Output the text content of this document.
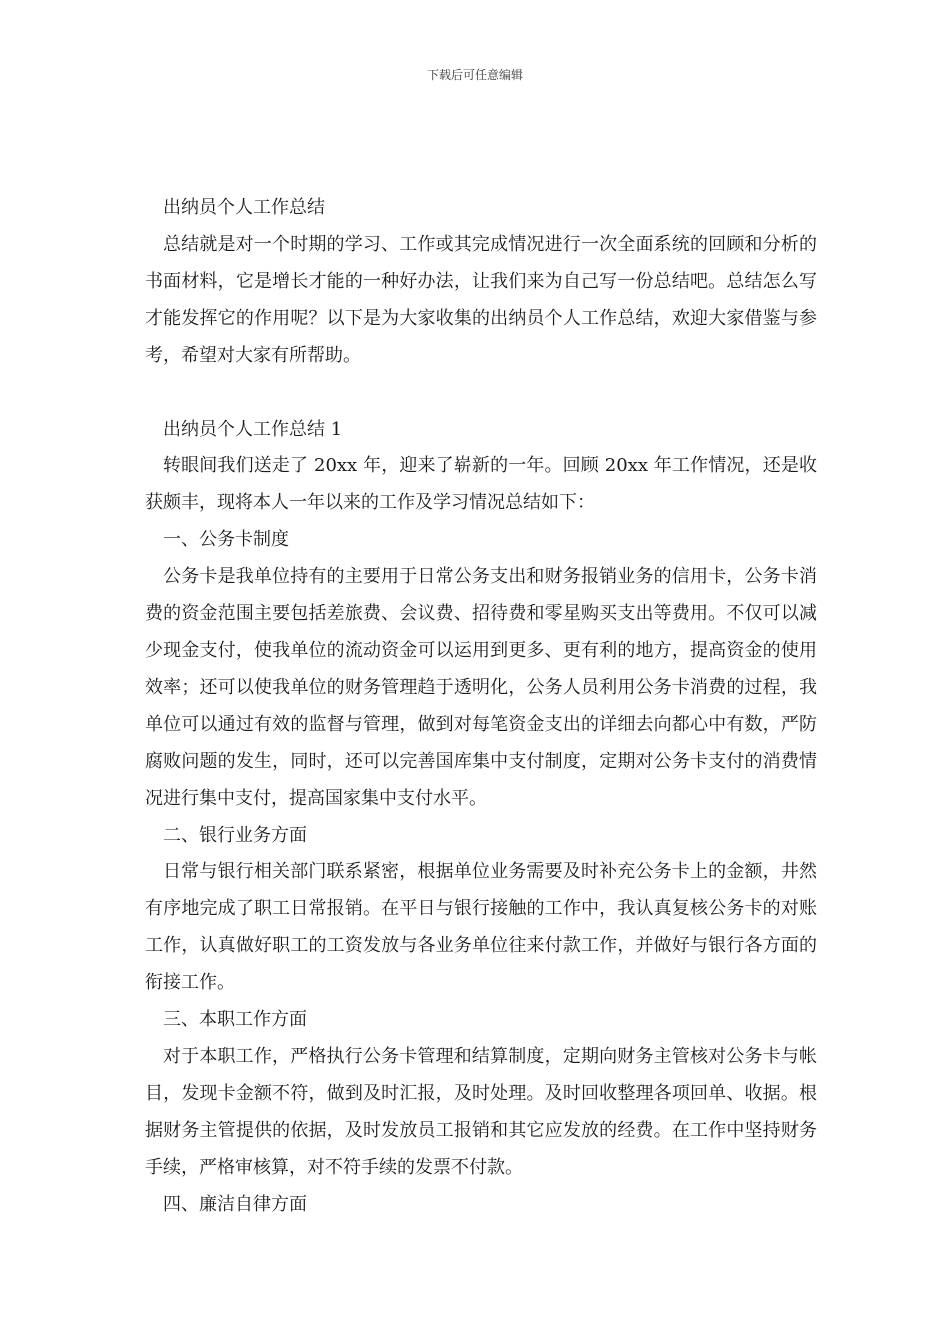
下载后可任意编辑

出纳员个人工作总结

总结就是对一个时期的学习、工作或其完成情况进行一次全面系统的回顾和分析的书面材料，它是增长才能的一种好办法，让我们来为自己写一份总结吧。总结怎么写才能发挥它的作用呢？以下是为大家收集的出纳员个人工作总结，欢迎大家借鉴与参考，希望对大家有所帮助。

出纳员个人工作总结 1

转眼间我们送走了 20xx 年，迎来了崭新的一年。回顾 20xx 年工作情况，还是收获颇丰，现将本人一年以来的工作及学习情况总结如下：

一、公务卡制度

公务卡是我单位持有的主要用于日常公务支出和财务报销业务的信用卡，公务卡消费的资金范围主要包括差旅费、会议费、招待费和零星购买支出等费用。不仅可以减少现金支付，使我单位的流动资金可以运用到更多、更有利的地方，提高资金的使用效率；还可以使我单位的财务管理趋于透明化，公务人员利用公务卡消费的过程，我单位可以通过有效的监督与管理，做到对每笔资金支出的详细去向都心中有数，严防腐败问题的发生，同时，还可以完善国库集中支付制度，定期对公务卡支付的消费情况进行集中支付，提高国家集中支付水平。

二、银行业务方面

日常与银行相关部门联系紧密，根据单位业务需要及时补充公务卡上的金额，井然有序地完成了职工日常报销。在平日与银行接触的工作中，我认真复核公务卡的对账工作，认真做好职工的工资发放与各业务单位往来付款工作，并做好与银行各方面的衔接工作。

三、本职工作方面

对于本职工作，严格执行公务卡管理和结算制度，定期向财务主管核对公务卡与帐目，发现卡金额不符，做到及时汇报，及时处理。及时回收整理各项回单、收据。根据财务主管提供的依据，及时发放员工报销和其它应发放的经费。在工作中坚持财务手续，严格审核算，对不符手续的发票不付款。

四、廉洁自律方面
